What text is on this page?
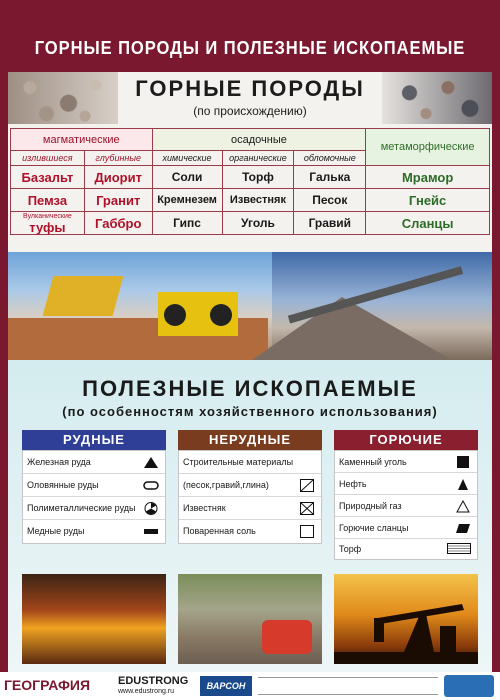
ГОРНЫЕ ПОРОДЫ И ПОЛЕЗНЫЕ ИСКОПАЕМЫЕ
ГОРНЫЕ ПОРОДЫ
(по происхождению)
магматические		осадочные			метаморфические
излившиеся	глубинные	химические	органические	обломочные	
Базальт	Диорит	Соли	Торф	Галька	Мрамор
Пемза	Гранит	Кремнезем	Известняк	Песок	Гнейс

Вулканические
туфы	Габбро	Гипс	Уголь	Гравий	Сланцы
ПОЛЕЗНЫЕ ИСКОПАЕМЫЕ
(по особенностям хозяйственного использования)
РУДНЫЕ
Железная руда
Оловянные руды
Полиметаллические руды
Медные руды
НЕРУДНЫЕ
Строительные материалы
(песок,гравий,глина)
Известняк
Поваренная соль
ГОРЮЧИЕ
Каменный уголь
Нефть
Природный газ
Горючие сланцы
Торф
ГЕОГРАФИЯ	EDUSTRONG
www.edustrong.ru
ВАРСОН
